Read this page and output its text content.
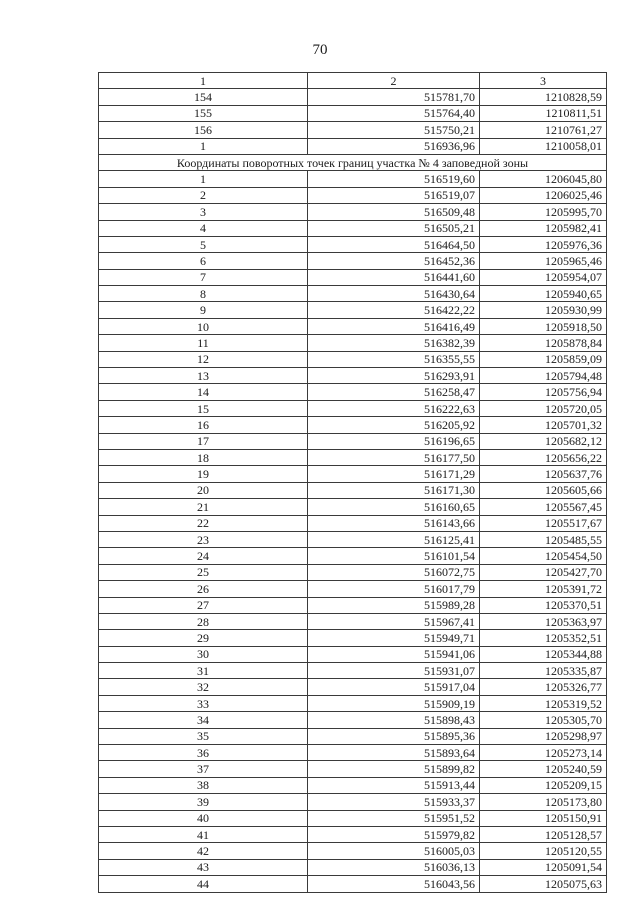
70
1	2	3
154	515781,70	1210828,59
155	515764,40	1210811,51
156	515750,21	1210761,27
1	516936,96	1210058,01
Координаты поворотных точек границ участка № 4 заповедной зоны		
1	516519,60	1206045,80
2	516519,07	1206025,46
3	516509,48	1205995,70
4	516505,21	1205982,41
5	516464,50	1205976,36
6	516452,36	1205965,46
7	516441,60	1205954,07
8	516430,64	1205940,65
9	516422,22	1205930,99
10	516416,49	1205918,50
11	516382,39	1205878,84
12	516355,55	1205859,09
13	516293,91	1205794,48
14	516258,47	1205756,94
15	516222,63	1205720,05
16	516205,92	1205701,32
17	516196,65	1205682,12
18	516177,50	1205656,22
19	516171,29	1205637,76
20	516171,30	1205605,66
21	516160,65	1205567,45
22	516143,66	1205517,67
23	516125,41	1205485,55
24	516101,54	1205454,50
25	516072,75	1205427,70
26	516017,79	1205391,72
27	515989,28	1205370,51
28	515967,41	1205363,97
29	515949,71	1205352,51
30	515941,06	1205344,88
31	515931,07	1205335,87
32	515917,04	1205326,77
33	515909,19	1205319,52
34	515898,43	1205305,70
35	515895,36	1205298,97
36	515893,64	1205273,14
37	515899,82	1205240,59
38	515913,44	1205209,15
39	515933,37	1205173,80
40	515951,52	1205150,91
41	515979,82	1205128,57
42	516005,03	1205120,55
43	516036,13	1205091,54
44	516043,56	1205075,63
